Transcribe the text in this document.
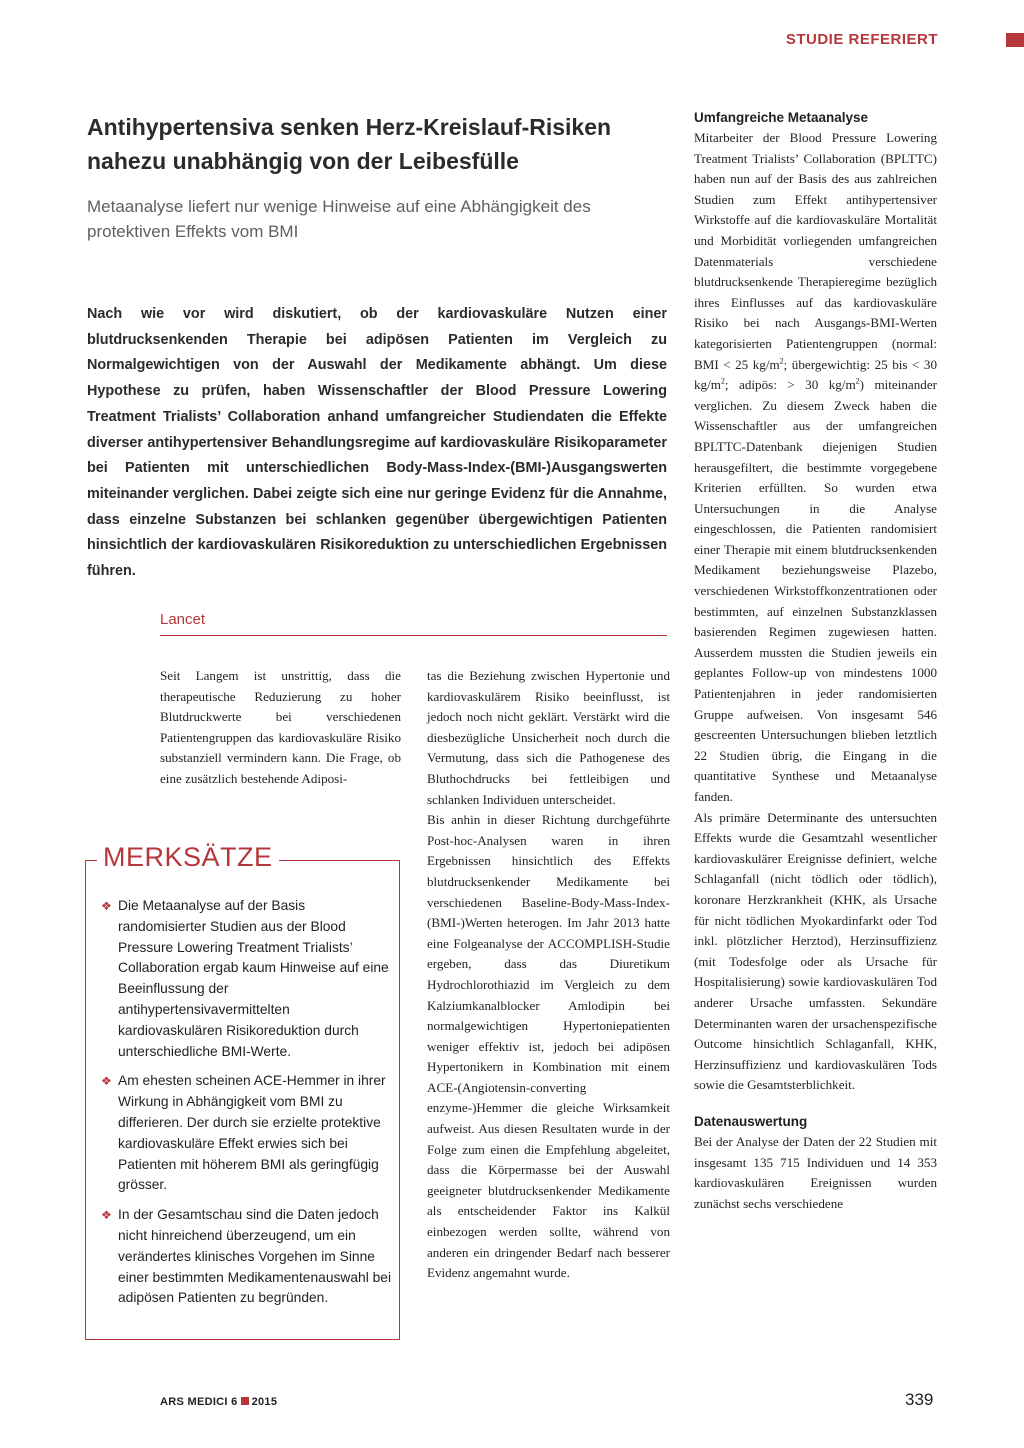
STUDIE REFERIERT
Antihypertensiva senken Herz-Kreislauf-Risiken nahezu unabhängig von der Leibesfülle

Metaanalyse liefert nur wenige Hinweise auf eine Abhängigkeit des protektiven Effekts vom BMI

Nach wie vor wird diskutiert, ob der kardiovaskuläre Nutzen einer blutdrucksenkenden Therapie bei adipösen Patienten im Vergleich zu Normalgewichtigen von der Auswahl der Medikamente abhängt. Um diese Hypothese zu prüfen, haben Wissenschaftler der Blood Pressure Lowering Treatment Trialists’ Collaboration anhand umfangreicher Studiendaten die Effekte diverser antihypertensiver Behandlungsregime auf kardiovaskuläre Risikoparameter bei Patienten mit unterschiedlichen Body-Mass-Index-(BMI-)Ausgangswerten miteinander verglichen. Dabei zeigte sich eine nur geringe Evidenz für die Annahme, dass einzelne Substanzen bei schlanken gegenüber übergewichtigen Patienten hinsichtlich der kardiovaskulären Risikoreduktion zu unterschiedlichen Ergebnissen führen.

Lancet

Seit Langem ist unstrittig, dass die therapeutische Reduzierung zu hoher Blutdruckwerte bei verschiedenen Patientengruppen das kardiovaskuläre Risiko substanziell vermindern kann. Die Frage, ob eine zusätzlich bestehende Adiposi-

tas die Beziehung zwischen Hypertonie und kardiovaskulärem Risiko beeinflusst, ist jedoch noch nicht geklärt. Verstärkt wird die diesbezügliche Unsicherheit noch durch die Vermutung, dass sich die Pathogenese des Bluthochdrucks bei fettleibigen und schlanken Individuen unterscheidet.

Bis anhin in dieser Richtung durchgeführte Post-hoc-Analysen waren in ihren Ergebnissen hinsichtlich des Effekts blutdrucksenkender Medikamente bei verschiedenen Baseline-Body-Mass-Index-(BMI-)Werten heterogen. Im Jahr 2013 hatte eine Folgeanalyse der ACCOMPLISH-Studie ergeben, dass das Diuretikum Hydrochlorothiazid im Vergleich zu dem Kalziumkanalblocker Amlodipin bei normalgewichtigen Hypertoniepatienten weniger effektiv ist, jedoch bei adipösen Hypertonikern in Kombination mit einem ACE-(Angiotensin-converting enzyme-)Hemmer die gleiche Wirksamkeit aufweist. Aus diesen Resultaten wurde in der Folge zum einen die Empfehlung abgeleitet, dass die Körpermasse bei der Auswahl geeigneter blutdrucksenkender Medikamente als entscheidender Faktor ins Kalkül einbezogen werden sollte, während von anderen ein dringender Bedarf nach besserer Evidenz angemahnt wurde.

Umfangreiche Metaanalyse

Mitarbeiter der Blood Pressure Lowering Treatment Trialists’ Collaboration (BPLTTC) haben nun auf der Basis des aus zahlreichen Studien zum Effekt antihypertensiver Wirkstoffe auf die kardiovaskuläre Mortalität und Morbidität vorliegenden umfangreichen Datenmaterials verschiedene blutdrucksenkende Therapieregime bezüglich ihres Einflusses auf das kardiovaskuläre Risiko bei nach Ausgangs-BMI-Werten kategorisierten Patientengruppen (normal: BMI < 25 $kg/m^2$; übergewichtig: 25 bis < 30 $kg/m^2$; adipös: > 30 $kg/m^2$) miteinander verglichen. Zu diesem Zweck haben die Wissenschaftler aus der umfangreichen BPLTTC-Datenbank diejenigen Studien herausgefiltert, die bestimmte vorgegebene Kriterien erfüllten. So wurden etwa Untersuchungen in die Analyse eingeschlossen, die Patienten randomisiert einer Therapie mit einem blutdrucksenkenden Medikament beziehungsweise Plazebo, verschiedenen Wirkstoffkonzentrationen oder bestimmten, auf einzelnen Substanzklassen basierenden Regimen zugewiesen hatten. Ausserdem mussten die Studien jeweils ein geplantes Follow-up von mindestens 1000 Patientenjahren in jeder randomisierten Gruppe aufweisen. Von insgesamt 546 gescreenten Untersuchungen blieben letztlich 22 Studien übrig, die Eingang in die quantitative Synthese und Metaanalyse fanden.

Als primäre Determinante des untersuchten Effekts wurde die Gesamtzahl wesentlicher kardiovaskulärer Ereignisse definiert, welche Schlaganfall (nicht tödlich oder tödlich), koronare Herzkrankheit (KHK, als Ursache für nicht tödlichen Myokardinfarkt oder Tod inkl. plötzlicher Herztod), Herzinsuffizienz (mit Todesfolge oder als Ursache für Hospitalisierung) sowie kardiovaskulären Tod anderer Ursache umfassten. Sekundäre Determinanten waren der ursachenspezifische Outcome hinsichtlich Schlaganfall, KHK, Herzinsuffizienz und kardiovaskulären Tods sowie die Gesamtsterblichkeit.

Datenauswertung

Bei der Analyse der Daten der 22 Studien mit insgesamt 135 715 Individuen und 14 353 kardiovaskulären Ereignissen wurden zunächst sechs verschiedene

MERKSÄTZE
❖ Die Metaanalyse auf der Basis randomisierter Studien aus der Blood Pressure Lowering Treatment Trialists’ Collaboration ergab kaum Hinweise auf eine Beeinflussung der antihypertensivavermittelten kardiovaskulären Risikoreduktion durch unterschiedliche BMI-Werte.
❖ Am ehesten scheinen ACE-Hemmer in ihrer Wirkung in Abhängigkeit vom BMI zu differieren. Der durch sie erzielte protektive kardiovaskuläre Effekt erwies sich bei Patienten mit höherem BMI als geringfügig grösser.
❖ In der Gesamtschau sind die Daten jedoch nicht hinreichend überzeugend, um ein verändertes klinisches Vorgehen im Sinne einer bestimmten Medikamentenauswahl bei adipösen Patienten zu begründen.
ARS MEDICI 6 2015	339
